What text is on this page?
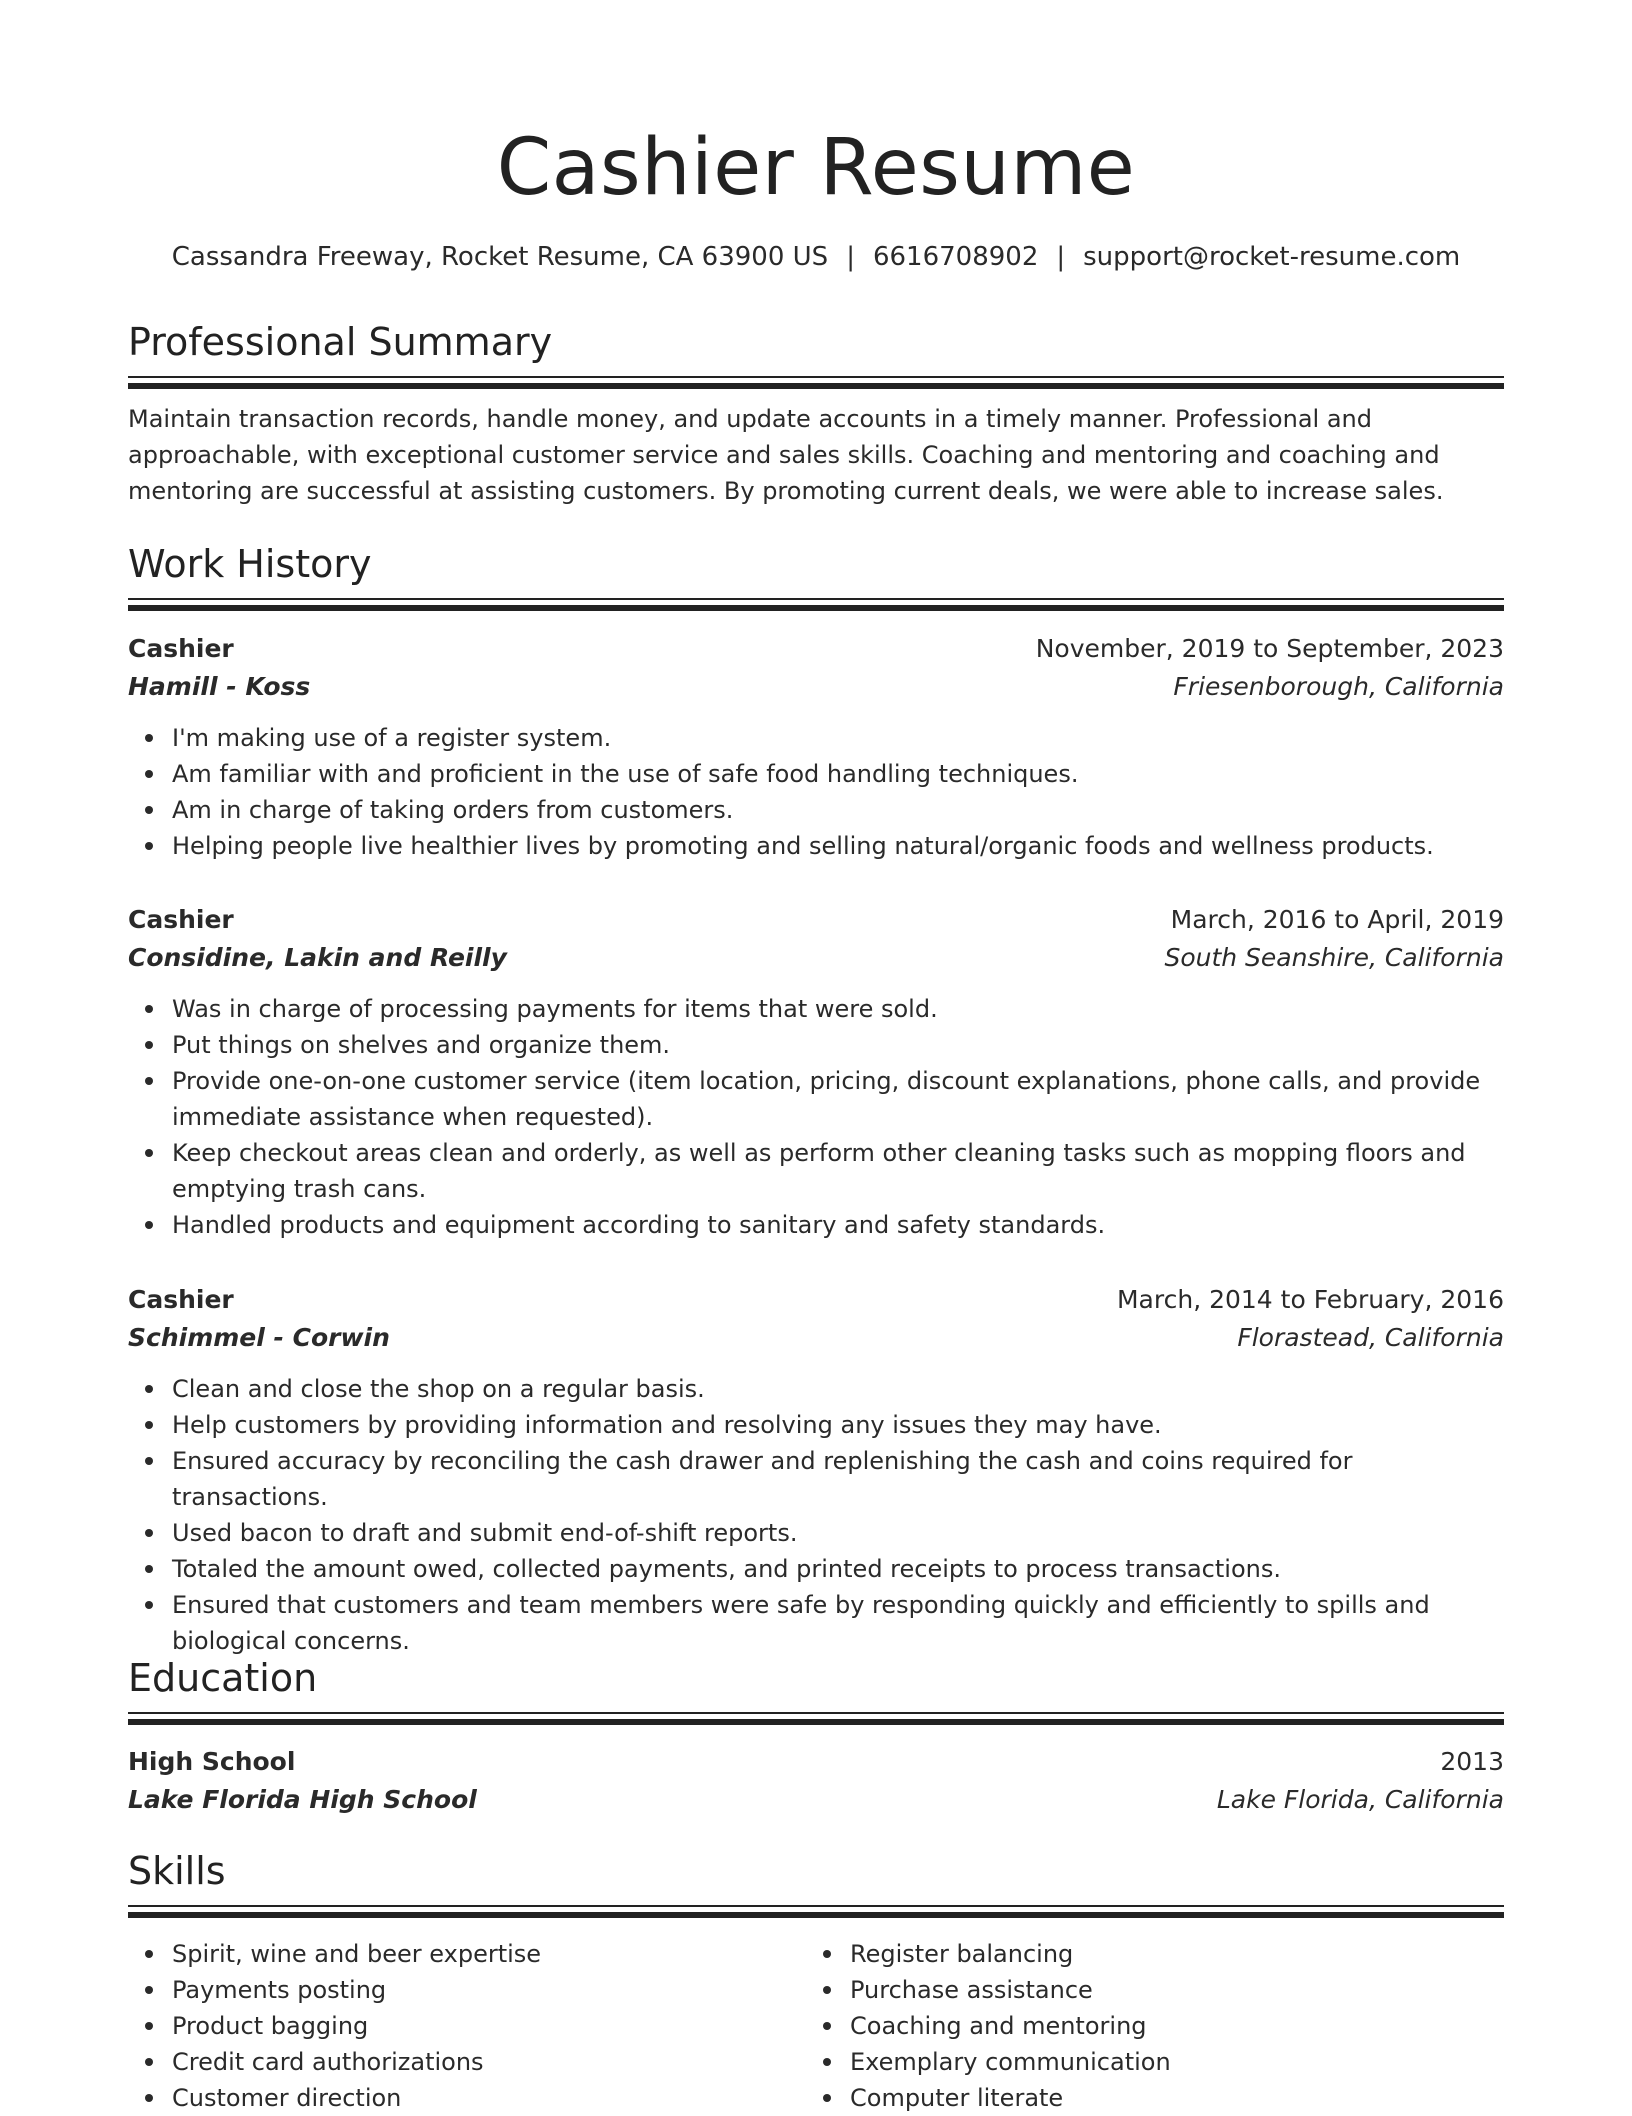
Cashier Resume
Cassandra Freeway, Rocket Resume, CA 63900 US | 6616708902 | support@rocket-resume.com
Professional Summary
Maintain transaction records, handle money, and update accounts in a timely manner. Professional and approachable, with exceptional customer service and sales skills. Coaching and mentoring and coaching and mentoring are successful at assisting customers. By promoting current deals, we were able to increase sales.
Work History
Cashier	November, 2019 to September, 2023
Hamill - Koss	Friesenborough, California
I'm making use of a register system.
Am familiar with and proficient in the use of safe food handling techniques.
Am in charge of taking orders from customers.
Helping people live healthier lives by promoting and selling natural/organic foods and wellness products.
Cashier	March, 2016 to April, 2019
Considine, Lakin and Reilly	South Seanshire, California
Was in charge of processing payments for items that were sold.
Put things on shelves and organize them.
Provide one-on-one customer service (item location, pricing, discount explanations, phone calls, and provide immediate assistance when requested).
Keep checkout areas clean and orderly, as well as perform other cleaning tasks such as mopping floors and emptying trash cans.
Handled products and equipment according to sanitary and safety standards.
Cashier	March, 2014 to February, 2016
Schimmel - Corwin	Florastead, California
Clean and close the shop on a regular basis.
Help customers by providing information and resolving any issues they may have.
Ensured accuracy by reconciling the cash drawer and replenishing the cash and coins required for transactions.
Used bacon to draft and submit end-of-shift reports.
Totaled the amount owed, collected payments, and printed receipts to process transactions.
Ensured that customers and team members were safe by responding quickly and efficiently to spills and biological concerns.
Education
High School	2013
Lake Florida High School	Lake Florida, California
Skills
Spirit, wine and beer expertise
Payments posting
Product bagging
Credit card authorizations
Customer direction
Register balancing
Purchase assistance
Coaching and mentoring
Exemplary communication
Computer literate
